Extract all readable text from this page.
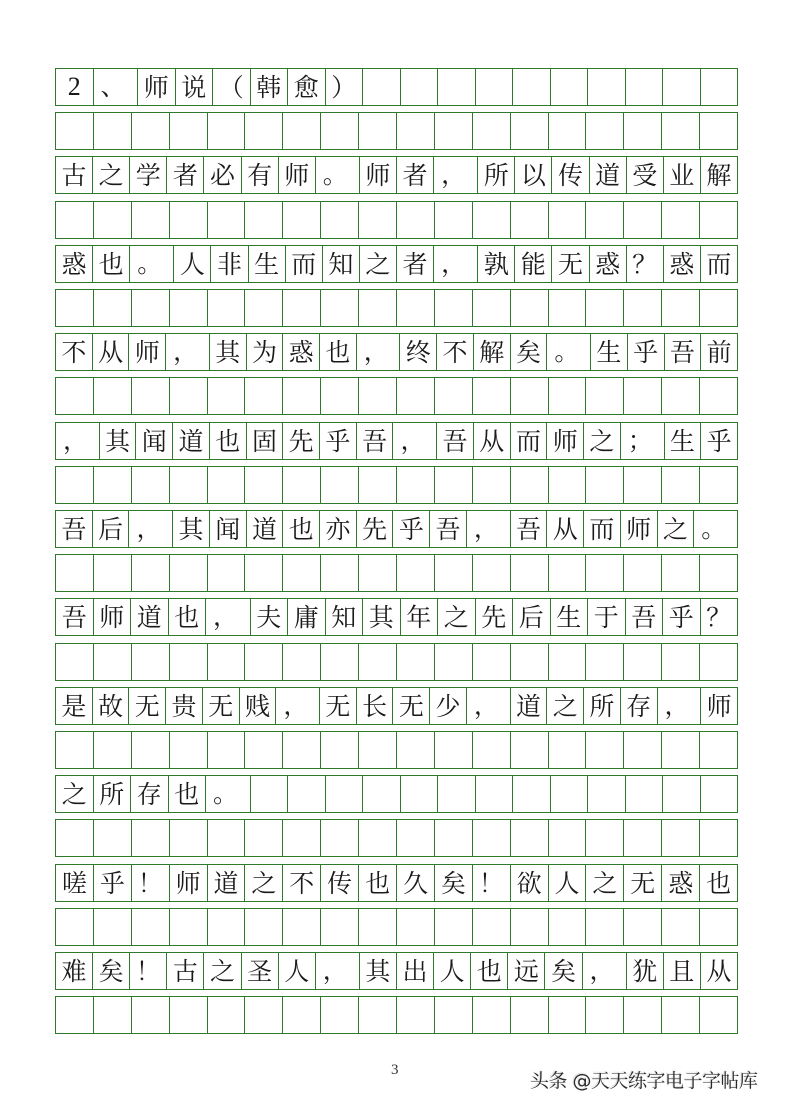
2 、 师 说 （ 韩 愈 ）
古 之 学 者 必 有 师 。 师 者 ， 所 以 传 道 受 业 解
惑 也 。 人 非 生 而 知 之 者 ， 孰 能 无 惑 ？ 惑 而
不 从 师 ， 其 为 惑 也 ， 终 不 解 矣 。 生 乎 吾 前
， 其 闻 道 也 固 先 乎 吾 ， 吾 从 而 师 之 ； 生 乎
吾 后 ， 其 闻 道 也 亦 先 乎 吾 ， 吾 从 而 师 之 。
吾 师 道 也 ， 夫 庸 知 其 年 之 先 后 生 于 吾 乎 ？
是 故 无 贵 无 贱 ， 无 长 无 少 ， 道 之 所 存 ， 师
之 所 存 也 。
嗟 乎 ！ 师 道 之 不 传 也 久 矣 ！ 欲 人 之 无 惑 也
难 矣 ！ 古 之 圣 人 ， 其 出 人 也 远 矣 ， 犹 且 从
3	头条 @天天练字电子字帖库
